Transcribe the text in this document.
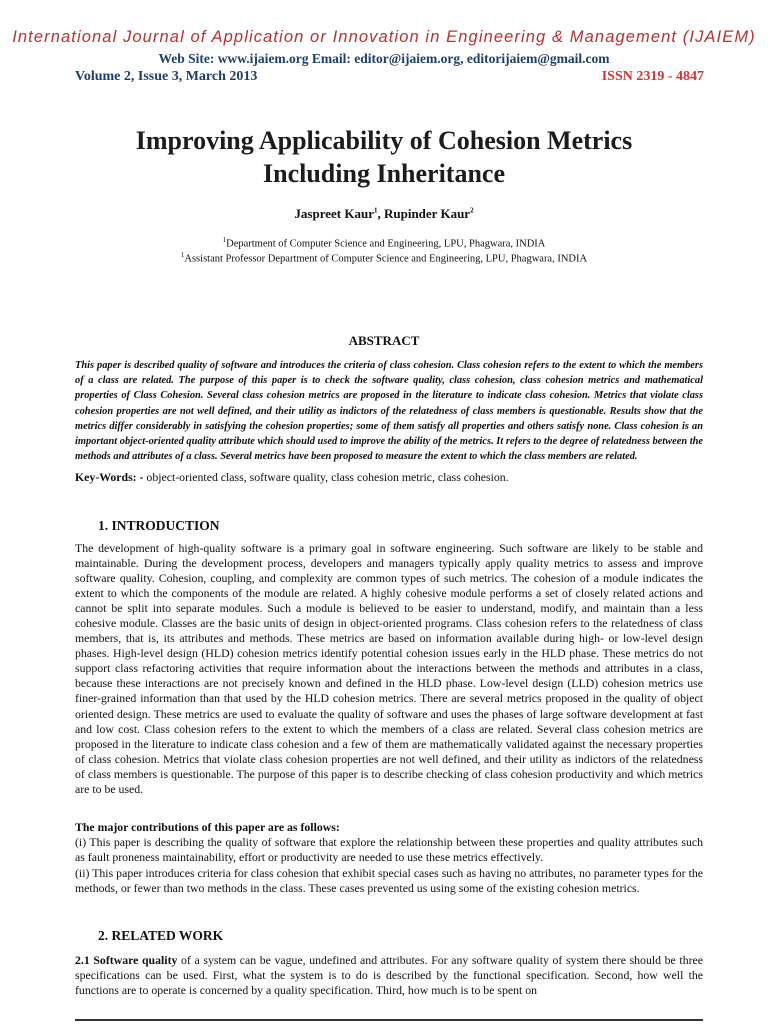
International Journal of Application or Innovation in Engineering & Management (IJAIEM)
Web Site: www.ijaiem.org Email: editor@ijaiem.org, editorijaiem@gmail.com
Volume 2, Issue 3, March 2013	ISSN 2319 - 4847
Improving Applicability of Cohesion Metrics
Including Inheritance
Jaspreet Kaur$^1$, Rupinder Kaur$^2$
$^1$Department of Computer Science and Engineering, LPU, Phagwara, INDIA
$^1$Assistant Professor Department of Computer Science and Engineering, LPU, Phagwara, INDIA
ABSTRACT
This paper is described quality of software and introduces the criteria of class cohesion. Class cohesion refers to the extent to which the members of a class are related. The purpose of this paper is to check the software quality, class cohesion, class cohesion metrics and mathematical properties of Class Cohesion. Several class cohesion metrics are proposed in the literature to indicate class cohesion. Metrics that violate class cohesion properties are not well defined, and their utility as indictors of the relatedness of class members is questionable. Results show that the metrics differ considerably in satisfying the cohesion properties; some of them satisfy all properties and others satisfy none. Class cohesion is an important object-oriented quality attribute which should used to improve the ability of the metrics. It refers to the degree of relatedness between the methods and attributes of a class. Several metrics have been proposed to measure the extent to which the class members are related.
Key-Words: - object-oriented class, software quality, class cohesion metric, class cohesion.
1. INTRODUCTION
The development of high-quality software is a primary goal in software engineering. Such software are likely to be stable and maintainable. During the development process, developers and managers typically apply quality metrics to assess and improve software quality. Cohesion, coupling, and complexity are common types of such metrics. The cohesion of a module indicates the extent to which the components of the module are related. A highly cohesive module performs a set of closely related actions and cannot be split into separate modules. Such a module is believed to be easier to understand, modify, and maintain than a less cohesive module. Classes are the basic units of design in object-oriented programs. Class cohesion refers to the relatedness of class members, that is, its attributes and methods. These metrics are based on information available during high- or low-level design phases. High-level design (HLD) cohesion metrics identify potential cohesion issues early in the HLD phase. These metrics do not support class refactoring activities that require information about the interactions between the methods and attributes in a class, because these interactions are not precisely known and defined in the HLD phase. Low-level design (LLD) cohesion metrics use finer-grained information than that used by the HLD cohesion metrics. There are several metrics proposed in the quality of object oriented design. These metrics are used to evaluate the quality of software and uses the phases of large software development at fast and low cost. Class cohesion refers to the extent to which the members of a class are related. Several class cohesion metrics are proposed in the literature to indicate class cohesion and a few of them are mathematically validated against the necessary properties of class cohesion. Metrics that violate class cohesion properties are not well defined, and their utility as indictors of the relatedness of class members is questionable. The purpose of this paper is to describe checking of class cohesion productivity and which metrics are to be used.
The major contributions of this paper are as follows:
(i) This paper is describing the quality of software that explore the relationship between these properties and quality attributes such as fault proneness maintainability, effort or productivity are needed to use these metrics effectively.
(ii) This paper introduces criteria for class cohesion that exhibit special cases such as having no attributes, no parameter types for the methods, or fewer than two methods in the class. These cases prevented us using some of the existing cohesion metrics.
2. RELATED WORK
2.1 Software quality of a system can be vague, undefined and attributes. For any software quality of system there should be three specifications can be used. First, what the system is to do is described by the functional specification. Second, how well the functions are to operate is concerned by a quality specification. Third, how much is to be spent on
